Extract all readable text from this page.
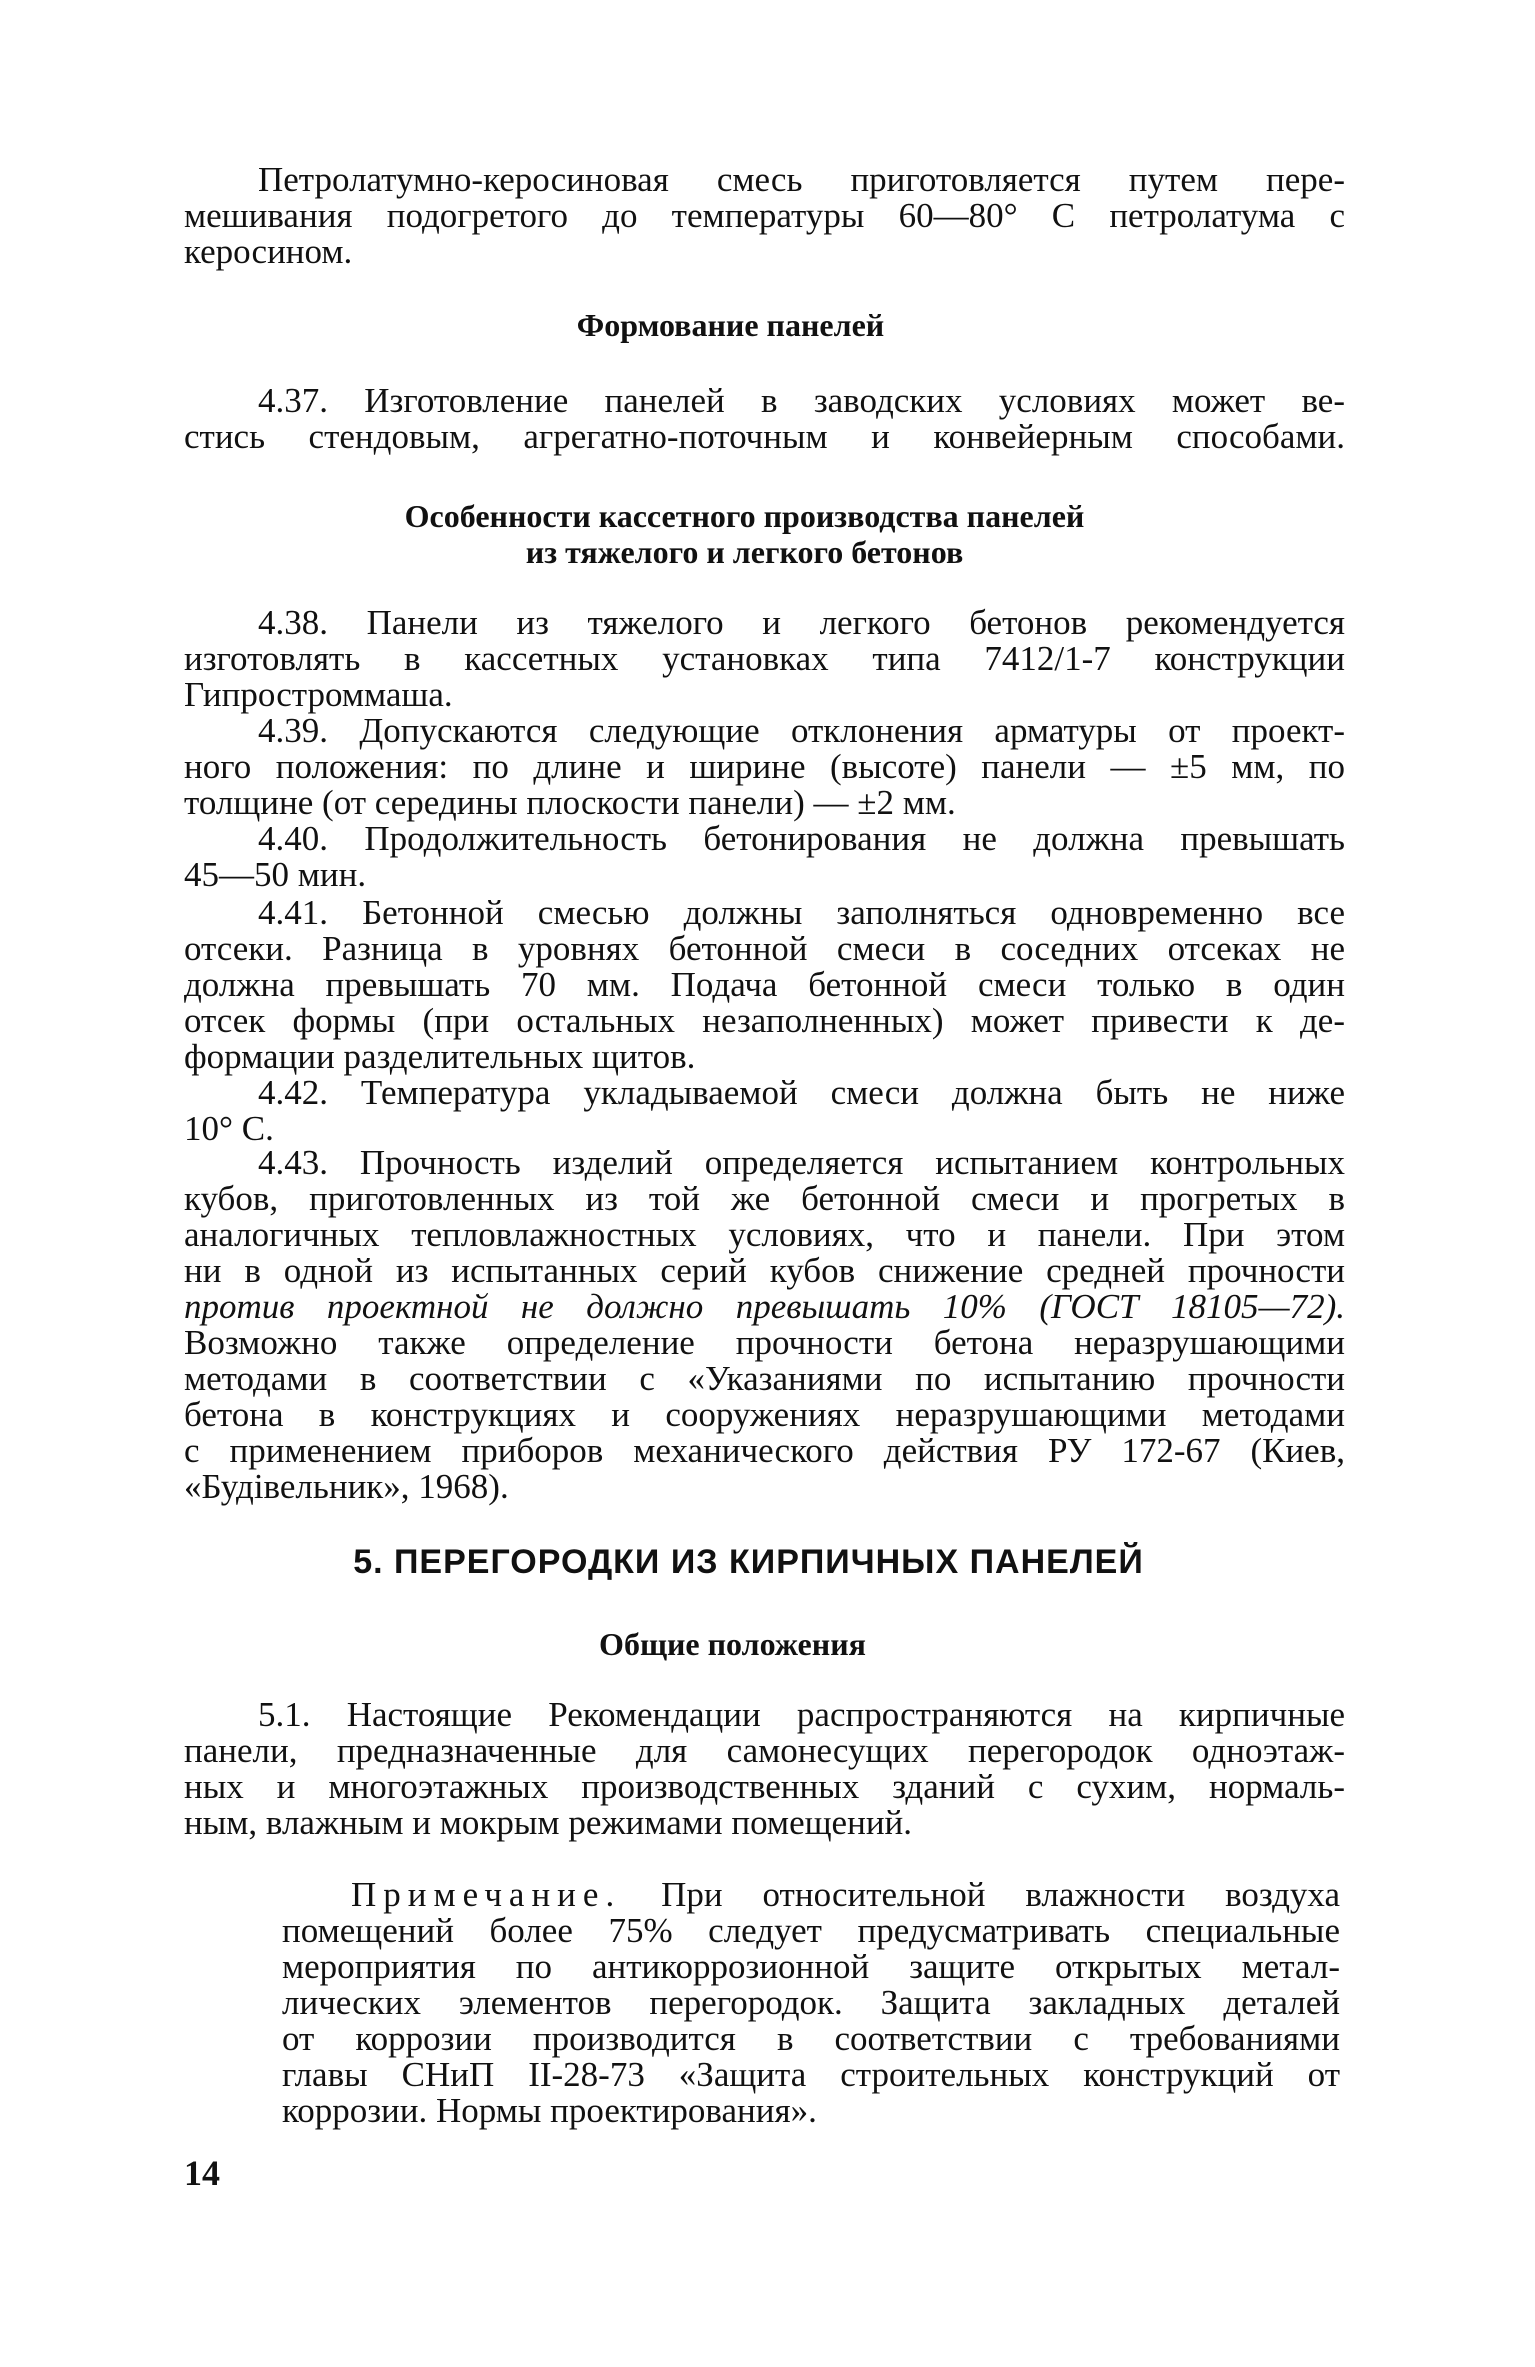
Петролатумно-керосиновая смесь приготовляется путем пере-
мешивания подогретого до температуры 60—80° С петролатума с
керосином.
Формование панелей
4.37. Изготовление панелей в заводских условиях может ве-
стись стендовым, агрегатно-поточным и конвейерным способами.
Особенности кассетного производства панелей
из тяжелого и легкого бетонов
4.38. Панели из тяжелого и легкого бетонов рекомендуется
изготовлять в кассетных установках типа 7412/1-7 конструкции
Гипростроммаша.
4.39. Допускаются следующие отклонения арматуры от проект-
ного положения: по длине и ширине (высоте) панели — ±5 мм, по
толщине (от середины плоскости панели) — ±2 мм.
4.40. Продолжительность бетонирования не должна превышать
45—50 мин.
4.41. Бетонной смесью должны заполняться одновременно все
отсеки. Разница в уровнях бетонной смеси в соседних отсеках не
должна превышать 70 мм. Подача бетонной смеси только в один
отсек формы (при остальных незаполненных) может привести к де-
формации разделительных щитов.
4.42. Температура укладываемой смеси должна быть не ниже
10° С.
4.43. Прочность изделий определяется испытанием контрольных
кубов, приготовленных из той же бетонной смеси и прогретых в
аналогичных тепловлажностных условиях, что и панели. При этом
ни в одной из испытанных серий кубов снижение средней прочности
против проектной не должно превышать 10% (ГОСТ 18105—72).
Возможно также определение прочности бетона неразрушающими
методами в соответствии с «Указаниями по испытанию прочности
бетона в конструкциях и сооружениях неразрушающими методами
с применением приборов механического действия РУ 172-67 (Киев,
«Будівельник», 1968).
5. ПЕРЕГОРОДКИ ИЗ КИРПИЧНЫХ ПАНЕЛЕЙ
Общие положения
5.1. Настоящие Рекомендации распространяются на кирпичные
панели, предназначенные для самонесущих перегородок одноэтаж-
ных и многоэтажных производственных зданий с сухим, нормаль-
ным, влажным и мокрым режимами помещений.
Примечание. При относительной влажности воздуха
помещений более 75% следует предусматривать специальные
мероприятия по антикоррозионной защите открытых метал-
лических элементов перегородок. Защита закладных деталей
от коррозии производится в соответствии с требованиями
главы СНиП II-28-73 «Защита строительных конструкций от
коррозии. Нормы проектирования».
14
